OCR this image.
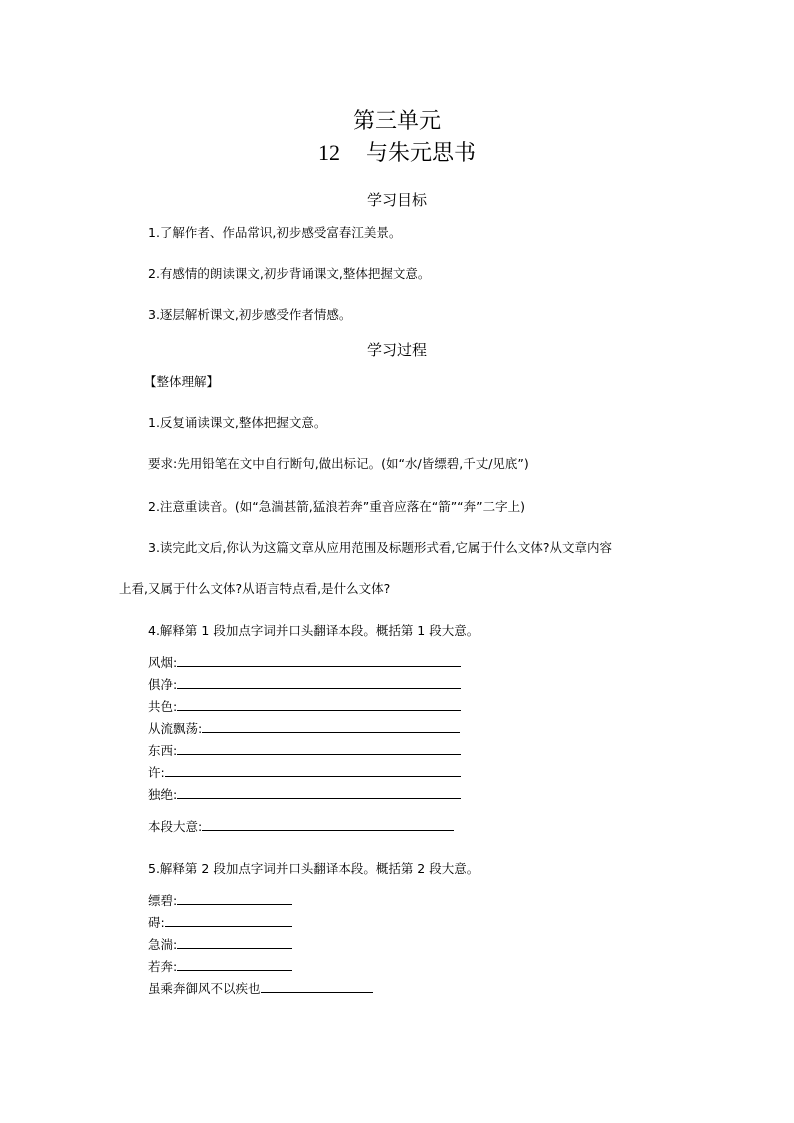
第三单元
12 与朱元思书
学习目标
1.了解作者、作品常识,初步感受富春江美景。
2.有感情的朗读课文,初步背诵课文,整体把握文意。
3.逐层解析课文,初步感受作者情感。
学习过程
【整体理解】
1.反复诵读课文,整体把握文意。
要求:先用铅笔在文中自行断句,做出标记。(如“水/皆缥碧,千丈/见底”)
2.注意重读音。(如“急湍甚箭,猛浪若奔”重音应落在“箭”“奔”二字上)
3.读完此文后,你认为这篇文章从应用范围及标题形式看,它属于什么文体?从文章内容
上看,又属于什么文体?从语言特点看,是什么文体?
4.解释第 1 段加点字词并口头翻译本段。概括第 1 段大意。
风烟:
俱净:
共色:
从流飘荡:
东西:
许:
独绝:
本段大意:
5.解释第 2 段加点字词并口头翻译本段。概括第 2 段大意。
缥碧:
碍:
急湍:
若奔:
虽乘奔御风不以疾也
